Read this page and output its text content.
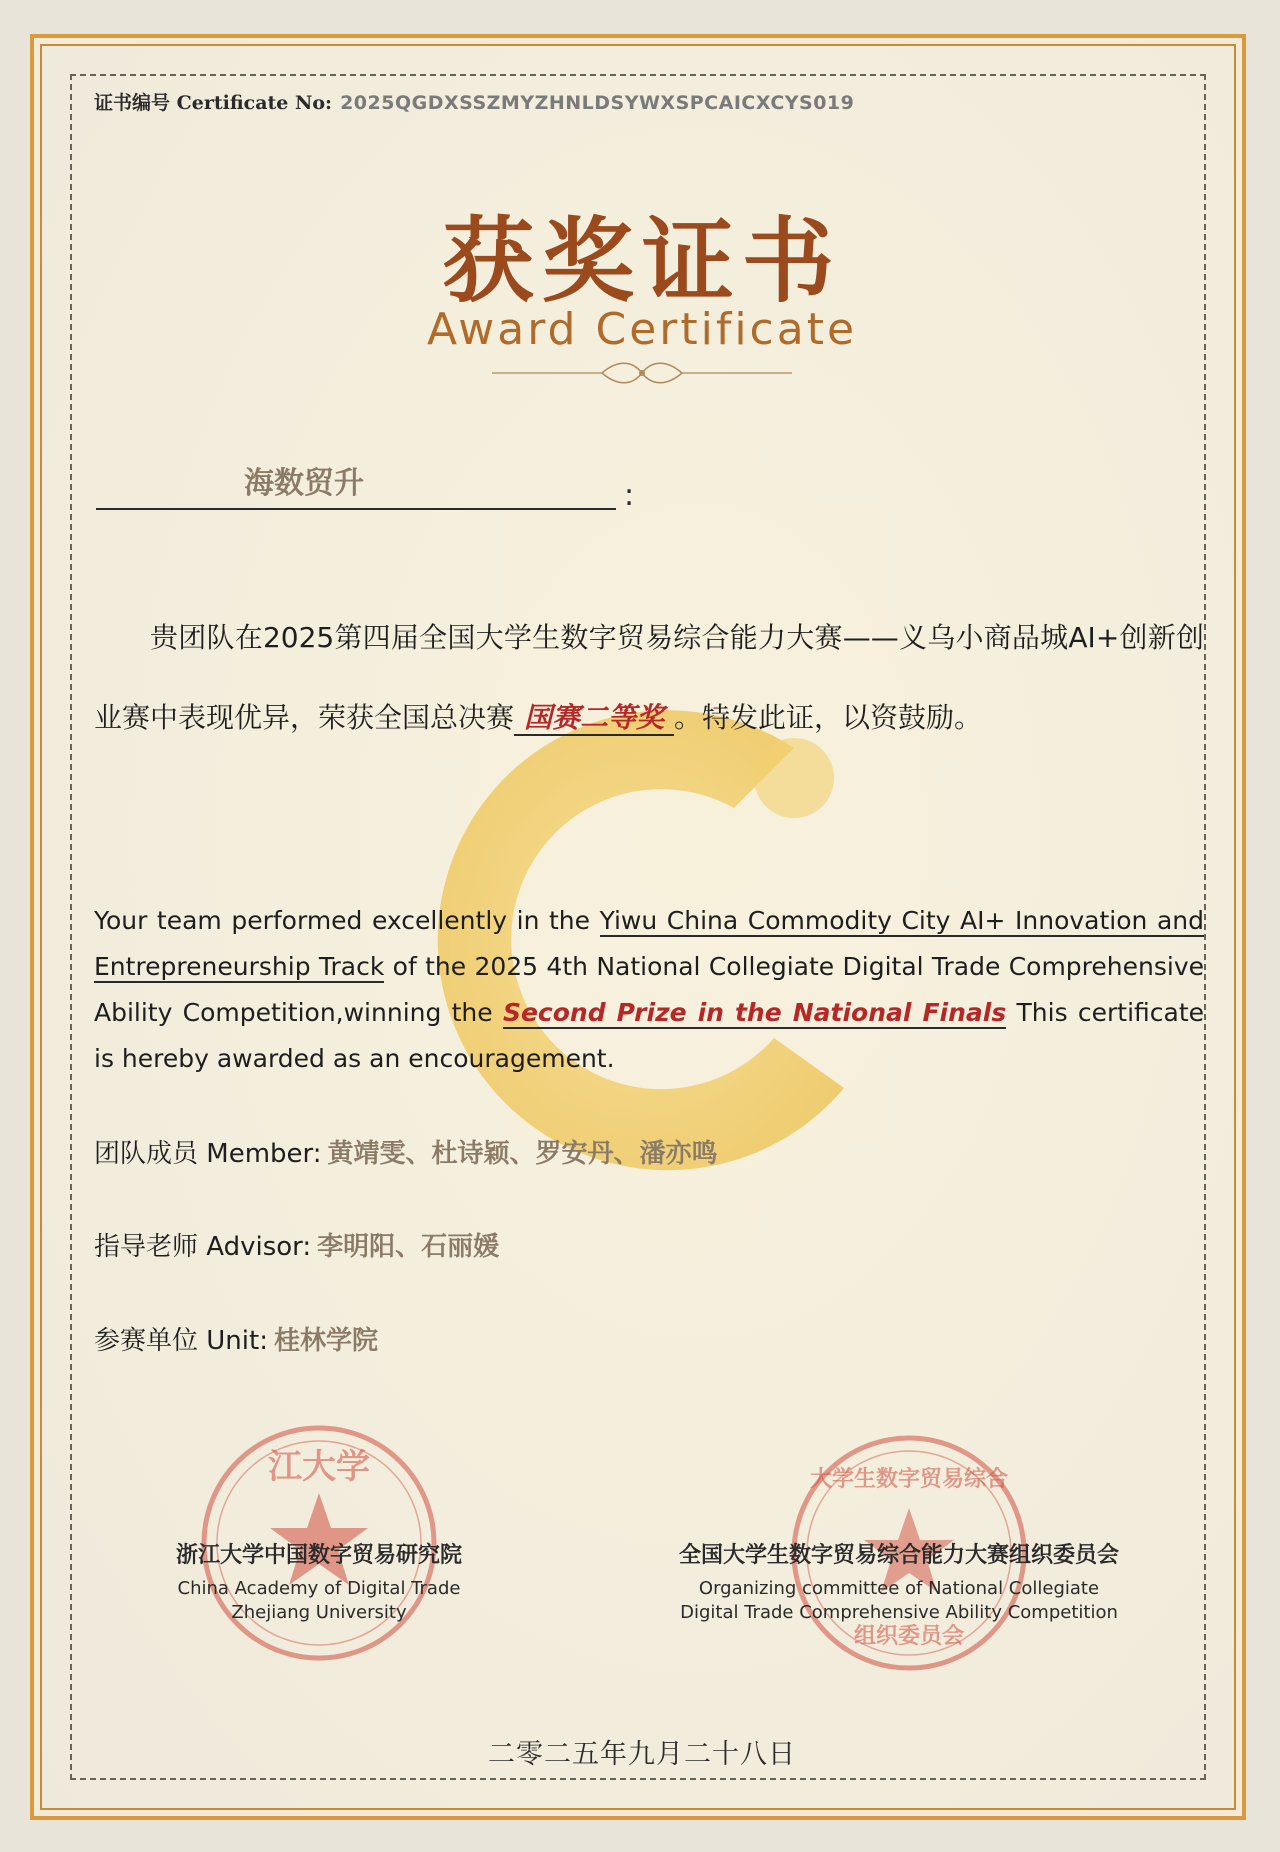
证书编号 Certificate No: 2025QGDXSSZMYZHNLDSYWXSPCAICXCYS019
获奖证书
Award Certificate
海数贸升	:
贵团队在2025第四届全国大学生数字贸易综合能力大赛——义乌小商品城AI+创新创业赛中表现优异，荣获全国总决赛 国赛二等奖 。特发此证，以资鼓励。
Your team performed excellently in the Yiwu China Commodity City AI+ Innovation and Entrepreneurship Track of the 2025 4th National Collegiate Digital Trade Comprehensive Ability Competition,winning the Second Prize in the National Finals This certificate is hereby awarded as an encouragement.
团队成员 Member: 黄靖雯、杜诗颖、罗安丹、潘亦鸣
指导老师 Advisor: 李明阳、石丽媛
参赛单位 Unit: 桂林学院
江大学	大学生数字贸易综合
组织委员会
浙江大学中国数字贸易研究院
China Academy of Digital Trade
Zhejiang University
全国大学生数字贸易综合能力大赛组织委员会
Organizing committee of National Collegiate
Digital Trade Comprehensive Ability Competition
二零二五年九月二十八日
